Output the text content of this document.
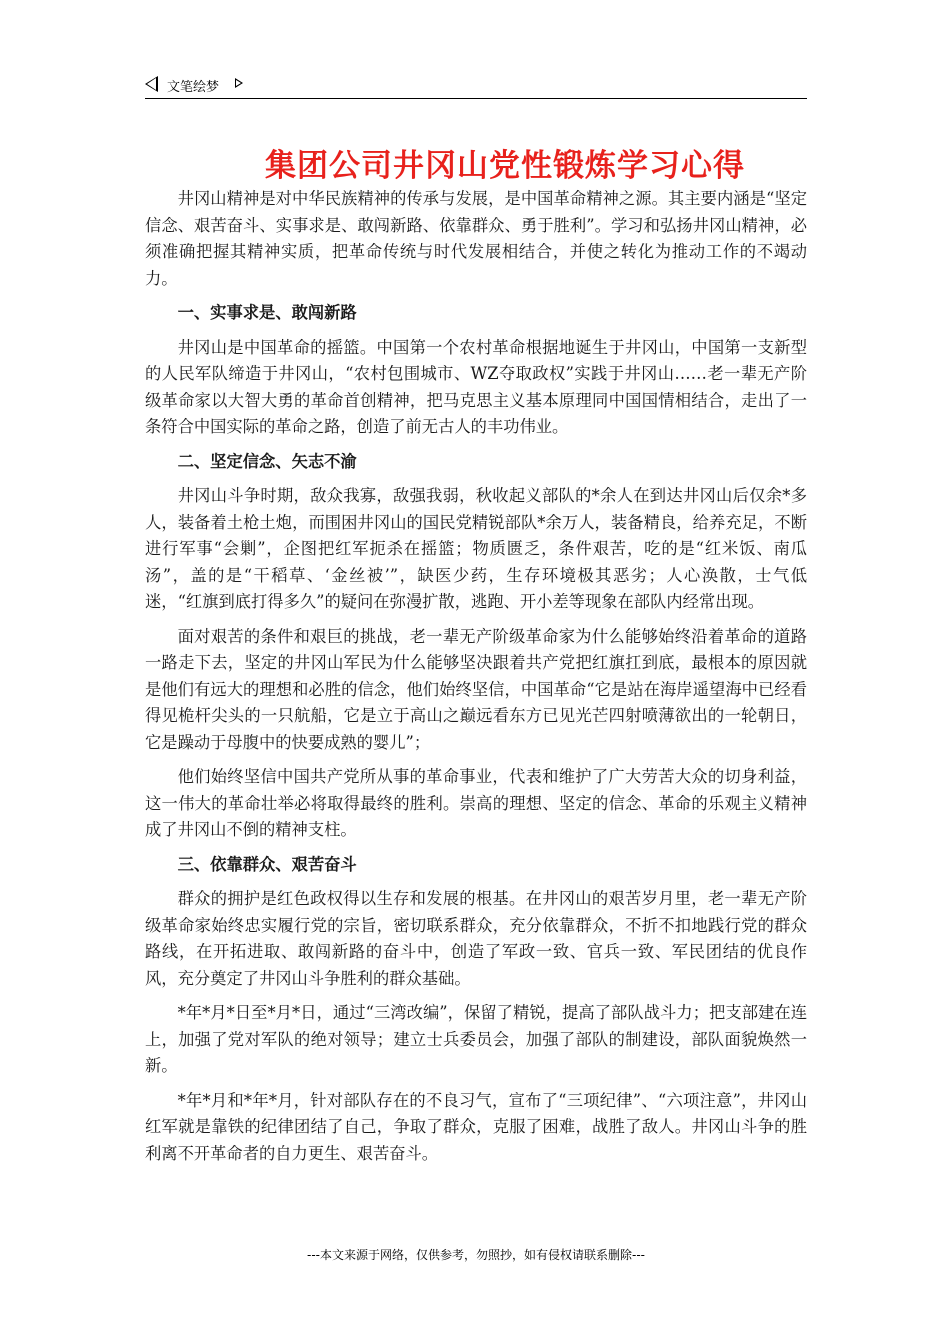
文笔绘梦
集团公司井冈山党性锻炼学习心得

井冈山精神是对中华民族精神的传承与发展，是中国革命精神之源。其主要内涵是“坚定信念、艰苦奋斗、实事求是、敢闯新路、依靠群众、勇于胜利”。学习和弘扬井冈山精神，必须准确把握其精神实质，把革命传统与时代发展相结合，并使之转化为推动工作的不竭动力。

一、实事求是、敢闯新路

井冈山是中国革命的摇篮。中国第一个农村革命根据地诞生于井冈山，中国第一支新型的人民军队缔造于井冈山，“农村包围城市、WZ夺取政权”实践于井冈山……老一辈无产阶级革命家以大智大勇的革命首创精神，把马克思主义基本原理同中国国情相结合，走出了一条符合中国实际的革命之路，创造了前无古人的丰功伟业。

二、坚定信念、矢志不渝

井冈山斗争时期，敌众我寡，敌强我弱，秋收起义部队的*余人在到达井冈山后仅余*多人，装备着土枪土炮，而围困井冈山的国民党精锐部队*余万人，装备精良，给养充足，不断进行军事“会剿”，企图把红军扼杀在摇篮；物质匮乏，条件艰苦，吃的是“红米饭、南瓜汤”，盖的是“干稻草、‘金丝被’”，缺医少药，生存环境极其恶劣；人心涣散，士气低迷，“红旗到底打得多久”的疑问在弥漫扩散，逃跑、开小差等现象在部队内经常出现。

面对艰苦的条件和艰巨的挑战，老一辈无产阶级革命家为什么能够始终沿着革命的道路一路走下去，坚定的井冈山军民为什么能够坚决跟着共产党把红旗扛到底，最根本的原因就是他们有远大的理想和必胜的信念，他们始终坚信，中国革命“它是站在海岸遥望海中已经看得见桅杆尖头的一只航船，它是立于高山之巅远看东方已见光芒四射喷薄欲出的一轮朝日，它是躁动于母腹中的快要成熟的婴儿”；

他们始终坚信中国共产党所从事的革命事业，代表和维护了广大劳苦大众的切身利益，这一伟大的革命壮举必将取得最终的胜利。崇高的理想、坚定的信念、革命的乐观主义精神成了井冈山不倒的精神支柱。

三、依靠群众、艰苦奋斗

群众的拥护是红色政权得以生存和发展的根基。在井冈山的艰苦岁月里，老一辈无产阶级革命家始终忠实履行党的宗旨，密切联系群众，充分依靠群众，不折不扣地践行党的群众路线，在开拓进取、敢闯新路的奋斗中，创造了军政一致、官兵一致、军民团结的优良作风，充分奠定了井冈山斗争胜利的群众基础。

*年*月*日至*月*日，通过“三湾改编”，保留了精锐，提高了部队战斗力；把支部建在连上，加强了党对军队的绝对领导；建立士兵委员会，加强了部队的制建设，部队面貌焕然一新。

*年*月和*年*月，针对部队存在的不良习气，宣布了“三项纪律”、“六项注意”，井冈山红军就是靠铁的纪律团结了自己，争取了群众，克服了困难，战胜了敌人。井冈山斗争的胜利离不开革命者的自力更生、艰苦奋斗。

---本文来源于网络，仅供参考，勿照抄，如有侵权请联系删除---
